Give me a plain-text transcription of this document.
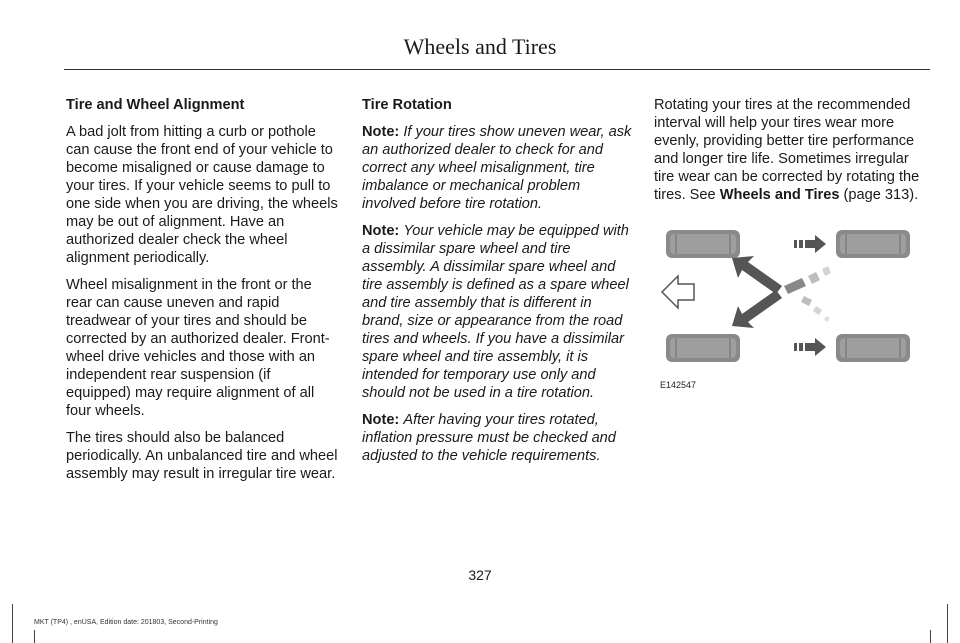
Wheels and Tires
Tire and Wheel Alignment

A bad jolt from hitting a curb or pothole can cause the front end of your vehicle to become misaligned or cause damage to your tires. If your vehicle seems to pull to one side when you are driving, the wheels may be out of alignment. Have an authorized dealer check the wheel alignment periodically.

Wheel misalignment in the front or the rear can cause uneven and rapid treadwear of your tires and should be corrected by an authorized dealer. Front-wheel drive vehicles and those with an independent rear suspension (if equipped) may require alignment of all four wheels.

The tires should also be balanced periodically. An unbalanced tire and wheel assembly may result in irregular tire wear.

Tire Rotation

Note: If your tires show uneven wear, ask an authorized dealer to check for and correct any wheel misalignment, tire imbalance or mechanical problem involved before tire rotation.

Note: Your vehicle may be equipped with a dissimilar spare wheel and tire assembly. A dissimilar spare wheel and tire assembly is defined as a spare wheel and tire assembly that is different in brand, size or appearance from the road tires and wheels. If you have a dissimilar spare wheel and tire assembly, it is intended for temporary use only and should not be used in a tire rotation.

Note: After having your tires rotated, inflation pressure must be checked and adjusted to the vehicle requirements.

Rotating your tires at the recommended interval will help your tires wear more evenly, providing better tire performance and longer tire life. Sometimes irregular tire wear can be corrected by rotating the tires. See Wheels and Tires (page 313).

E142547
327
MKT (TP4) , enUSA, Edition date: 201803, Second-Printing
